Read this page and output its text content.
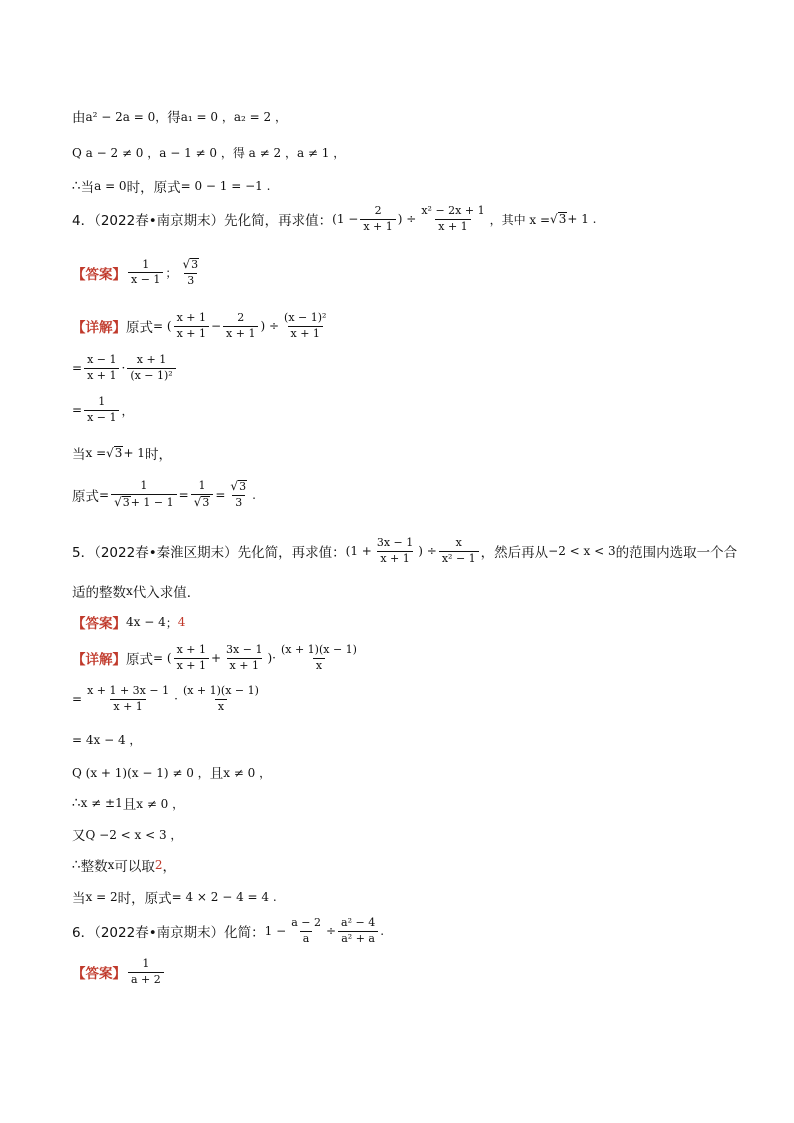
由 a² − 2a = 0， 得 a₁ = 0 ，a₂ = 2 ，
Q a − 2 ≠ 0 ，a − 1 ≠ 0 ，得 a ≠ 2 ，a ≠ 1 ，
∴ 当 a = 0 时，原式 = 0 − 1 = −1 .
4．（2022春•南京期末）先化简，再求值： ($1 - \frac{2}{x + 1}$ ) ÷ $\frac{\text{x² − 2x + 1}}{x + 1}$ ，其中 x = √ 3 + 1 .
【答案】
1
x − 1 ；
√ 3
3
【详解】 原式 = (
x + 1
$x + 1 - \frac{2}{x + 1}$ ) ÷ $\frac{\text{(x − 1)²}}{x + 1}$
= $\frac{x - 1}{x + 1}$ ·
x + 1
(x − 1)²
= $\frac{1}{x - 1}$ ，
当 x = √ 3 + 1 时，
原式 = $\frac{1}{√ 3 + 1 - 1} = \frac{1}{√ 3} = \frac{√ 3}{3}$ .
5．（2022春•秦淮区期末）先化简，再求值： ($1 + \frac{3x - 1}{x + 1}$ ) ÷ $\frac{x}{\text{x² − 1}}$ ，然后再从 −2 < x < 3 的范围内选取一个合
适的整数 x 代入求值．
【答案】 4x − 4 ； 4
【详解】 原式 = (
x + 1
$x + 1 + \frac{3x - 1}{x + 1}$ )·
(x + 1)(x − 1)
x
= $\frac{x + 1 + 3x - 1}{x + 1}$ ·
(x + 1)(x − 1)
x
= 4x − 4 ，
Q (x + 1)(x − 1) ≠ 0 ， 且 x ≠ 0 ，
∴ x ≠ ±1 且 x ≠ 0 ，
又 Q −2 < x < 3 ，
∴ 整数 x 可以取 2 ，
当 x = 2 时，原式 = 4 × 2 − 4 = 4 .
6．（2022春•南京期末）化简： $1 - \frac{a - 2}{a} \div \frac{\text{a² − 4}}{\text{a² + a}}$ .
【答案】
1
a + 2
